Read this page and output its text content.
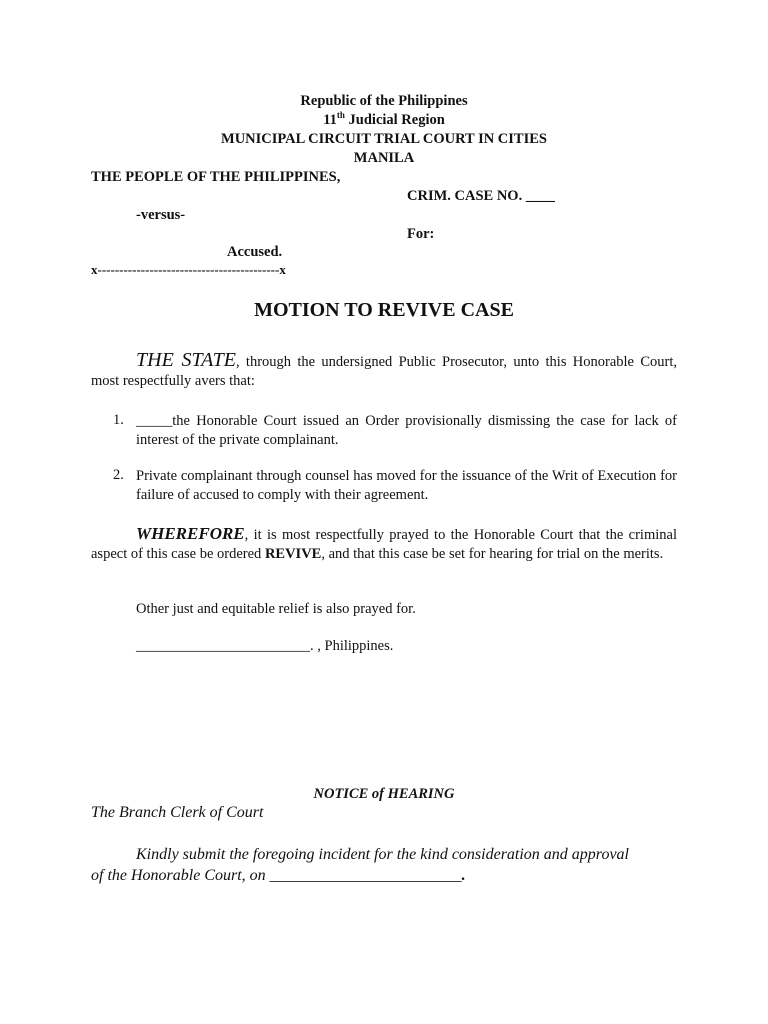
Republic of the Philippines
11th Judicial Region
MUNICIPAL CIRCUIT TRIAL COURT IN CITIES
MANILA
THE PEOPLE OF THE PHILIPPINES,
CRIM. CASE NO. ____
-versus-
For:
Accused.
x------------------------------------------x
MOTION TO REVIVE CASE
THE STATE, through the undersigned Public Prosecutor, unto this Honorable Court, most respectfully avers that:
1. _____the Honorable Court issued an Order provisionally dismissing the case for lack of interest of the private complainant.
2. Private complainant through counsel has moved for the issuance of the Writ of Execution for failure of accused to comply with their agreement.
WHEREFORE, it is most respectfully prayed to the Honorable Court that the criminal aspect of this case be ordered REVIVE, and that this case be set for hearing for trial on the merits.
Other just and equitable relief is also prayed for.
________________________. , Philippines.
NOTICE of HEARING
The Branch Clerk of Court
Kindly submit the foregoing incident for the kind consideration and approval of the Honorable Court, on ________________________.
